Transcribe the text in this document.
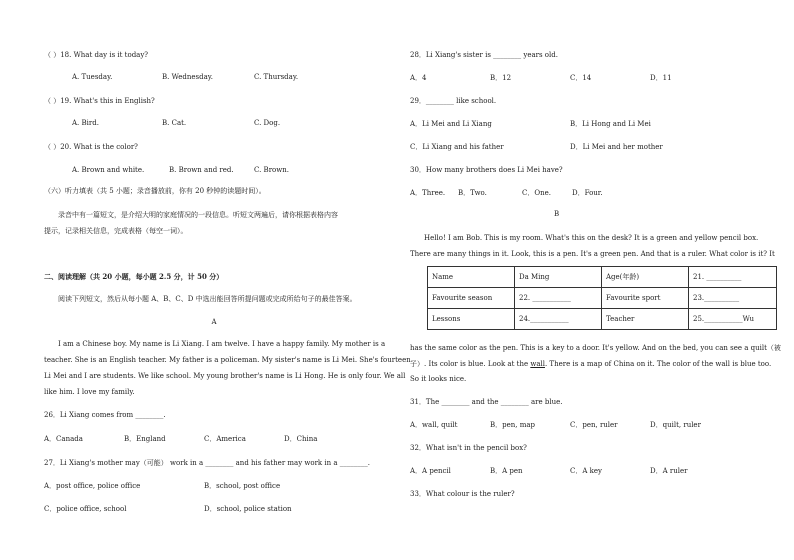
（ ）18. What day is it today?
A. Tuesday.	B. Wednesday.	C. Thursday.
（ ）19. What's this in English?
A. Bird.	B. Cat.	C. Dog.
（ ）20. What is the color?
A. Brown and white.	B. Brown and red.	C. Brown.
（六）听力填表（共 5 小题；录音播放前，你有 20 秒钟的读题时间）。
录音中有一篇短文，是介绍大明的家庭情况的一段信息。听短文两遍后，请你根据表格内容
提示，记录相关信息，完成表格（每空一词）。
二、阅读理解（共 20 小题，每小题 2.5 分，计 50 分）
阅读下列短文，然后从每小题 A、B、C、D 中选出能回答所提问题或完成所给句子的最佳答案。
A
I am a Chinese boy. My name is Li Xiang. I am twelve. I have a happy family. My mother is a
teacher. She is an English teacher. My father is a policeman. My sister's name is Li Mei. She's fourteen.
Li Mei and I are students. We like school. My young brother's name is Li Hong. He is only four. We all
like him. I love my family.
26．Li Xiang comes from ________.
A．Canada	B．England	C．America	D．China
27．Li Xiang's mother may（可能） work in a ________ and his father may work in a ________.
A．post office, police office	B．school, post office
C．police office, school	D．school, police station
28．Li Xiang's sister is ________ years old.
A．4	B．12	C．14	D．11
29．________ like school.
A．Li Mei and Li Xiang	B．Li Hong and Li Mei
C．Li Xiang and his father	D．Li Mei and her mother
30．How many brothers does Li Mei have?
A．Three. B．Two.	C．One.	D．Four.
B
Hello! I am Bob. This is my room. What's this on the desk? It is a green and yellow pencil box.
There are many things in it. Look, this is a pen. It's a green pen. And that is a ruler. What color is it? It
Name	Da Ming	Age(年龄)	21. __________
Favourite season	22. ___________	Favourite sport	23.__________
Lessons	24.___________	Teacher	25.___________Wu
has the same color as the pen. This is a key to a door. It's yellow. And on the bed, you can see a quilt（被
子）. Its color is blue. Look at the wall. There is a map of China on it. The color of the wall is blue too.
So it looks nice.
31．The ________ and the ________ are blue.
A．wall, quilt	B．pen, map	C．pen, ruler	D．quilt, ruler
32．What isn't in the pencil box?
A．A pencil	B．A pen	C．A key	D．A ruler
33．What colour is the ruler?
